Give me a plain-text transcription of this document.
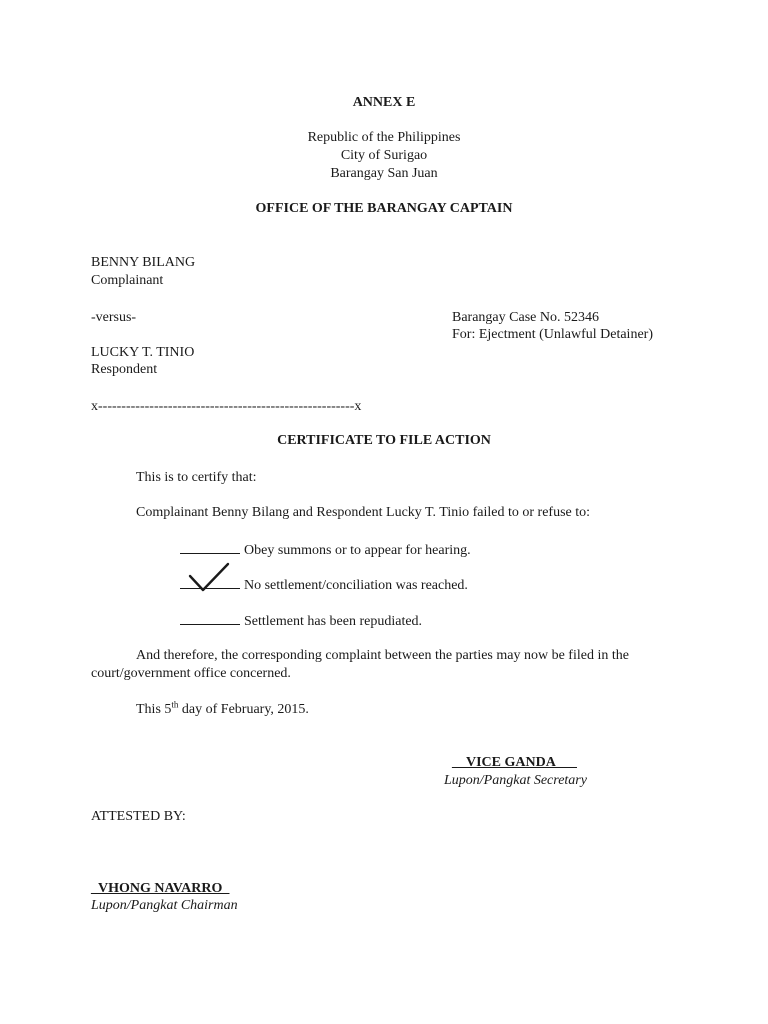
ANNEX E
Republic of the Philippines
City of Surigao
Barangay San Juan
OFFICE OF THE BARANGAY CAPTAIN
BENNY BILANG
Complainant
-versus-	Barangay Case No. 52346
For: Ejectment (Unlawful Detainer)
LUCKY T. TINIO
Respondent
x-------------------------------------------------------x
CERTIFICATE TO FILE ACTION
This is to certify that:
Complainant Benny Bilang and Respondent Lucky T. Tinio failed to or refuse to:
Obey summons or to appear for hearing.
No settlement/conciliation was reached.
Settlement has been repudiated.
And therefore, the corresponding complaint between the parties may now be filed in the
court/government office concerned.
This 5th day of February, 2015.
__VICE GANDA___
Lupon/Pangkat Secretary
ATTESTED BY:
_VHONG NAVARRO_
Lupon/Pangkat Chairman
